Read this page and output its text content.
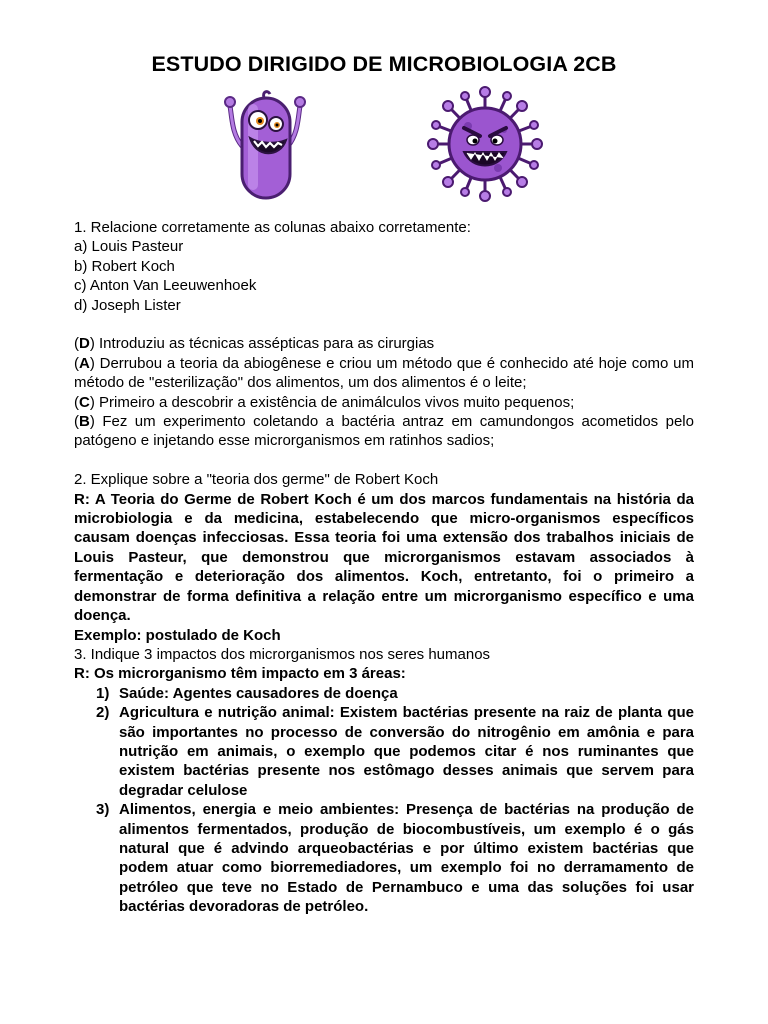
ESTUDO DIRIGIDO DE MICROBIOLOGIA 2CB

1. Relacione corretamente as colunas abaixo corretamente:

a) Louis Pasteur

b) Robert Koch

c) Anton Van Leeuwenhoek

d) Joseph Lister

(D) Introduziu as técnicas assépticas para as cirurgias

(A) Derrubou a teoria da abiogênese e criou um método que é conhecido até hoje como um método de "esterilização" dos alimentos, um dos alimentos é o leite;

(C) Primeiro a descobrir a existência de animálculos vivos muito pequenos;

(B) Fez um experimento coletando a bactéria antraz em camundongos acometidos pelo patógeno e injetando esse microrganismos em ratinhos sadios;

2. Explique sobre a "teoria dos germe" de Robert Koch

R: A Teoria do Germe de Robert Koch é um dos marcos fundamentais na história da microbiologia e da medicina, estabelecendo que micro-organismos específicos causam doenças infecciosas. Essa teoria foi uma extensão dos trabalhos iniciais de Louis Pasteur, que demonstrou que microrganismos estavam associados à fermentação e deterioração dos alimentos. Koch, entretanto, foi o primeiro a demonstrar de forma definitiva a relação entre um microrganismo específico e uma doença.

Exemplo: postulado de Koch

3. Indique 3 impactos dos microrganismos nos seres humanos

R: Os microrganismo têm impacto em 3 áreas:

1) Saúde: Agentes causadores de doença
2) Agricultura e nutrição animal: Existem bactérias presente na raiz de planta que são importantes no processo de conversão do nitrogênio em amônia e para nutrição em animais, o exemplo que podemos citar é nos ruminantes que existem bactérias presente nos estômago desses animais que servem para degradar celulose
3) Alimentos, energia e meio ambientes: Presença de bactérias na produção de alimentos fermentados, produção de biocombustíveis, um exemplo é o gás natural que é advindo arqueobactérias e por último existem bactérias que podem atuar como biorremediadores, um exemplo foi no derramamento de petróleo que teve no Estado de Pernambuco e uma das soluções foi usar bactérias devoradoras de petróleo.
